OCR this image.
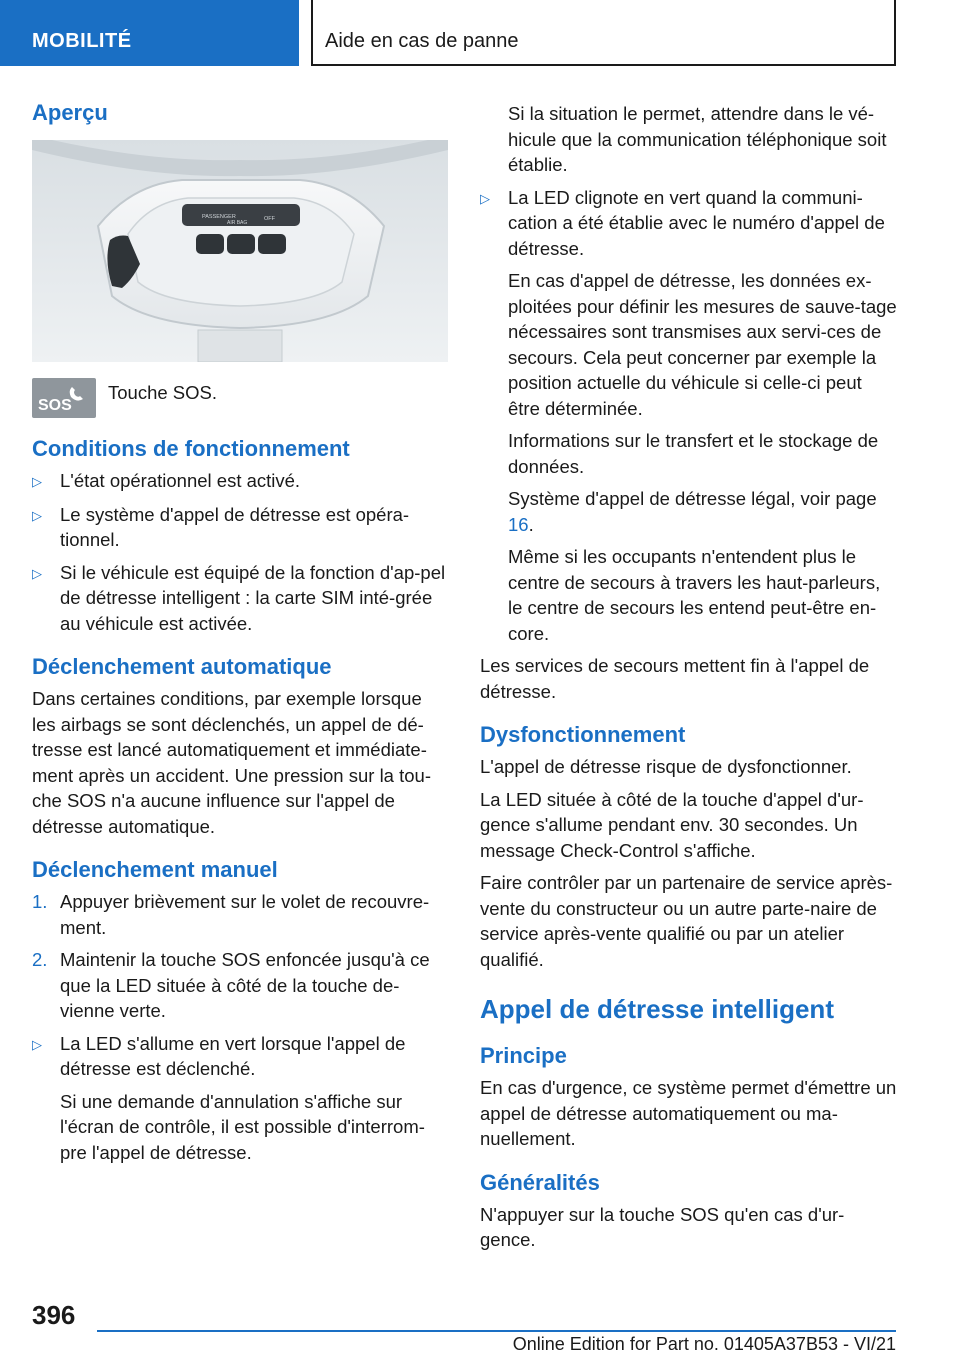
MOBILITÉ	Aide en cas de panne
Aperçu
PASSENGER
AIR BAG
OFF
SOS

Touche SOS.

Conditions de fonctionnement
▷ L'état opérationnel est activé.
▷ Le système d'appel de détresse est opéra-tionnel.
▷ Si le véhicule est équipé de la fonction d'ap-pel de détresse intelligent : la carte SIM inté-grée au véhicule est activée.
Déclenchement automatique

Dans certaines conditions, par exemple lorsque les airbags se sont déclenchés, un appel de dé-tresse est lancé automatiquement et immédiate-ment après un accident. Une pression sur la tou-che SOS n'a aucune influence sur l'appel de détresse automatique.

Déclenchement manuel
1. Appuyer brièvement sur le volet de recouvre-ment.
2. Maintenir la touche SOS enfoncée jusqu'à ce que la LED située à côté de la touche de-vienne verte.
▷ La LED s'allume en vert lorsque l'appel de détresse est déclenché.
Si une demande d'annulation s'affiche sur l'écran de contrôle, il est possible d'interrom-pre l'appel de détresse.
Si la situation le permet, attendre dans le vé-hicule que la communication téléphonique soit établie.
▷ La LED clignote en vert quand la communi-cation a été établie avec le numéro d'appel de détresse.
En cas d'appel de détresse, les données ex-ploitées pour définir les mesures de sauve-tage nécessaires sont transmises aux servi-ces de secours. Cela peut concerner par exemple la position actuelle du véhicule si celle-ci peut être déterminée.
Informations sur le transfert et le stockage de données.
Système d'appel de détresse légal, voir page 16.
Même si les occupants n'entendent plus le centre de secours à travers les haut-parleurs, le centre de secours les entend peut-être en-core.

Les services de secours mettent fin à l'appel de détresse.

Dysfonctionnement

L'appel de détresse risque de dysfonctionner.

La LED située à côté de la touche d'appel d'ur-gence s'allume pendant env. 30 secondes. Un message Check-Control s'affiche.

Faire contrôler par un partenaire de service après-vente du constructeur ou un autre parte-naire de service après-vente qualifié ou par un atelier qualifié.

Appel de détresse intelligent
Principe

En cas d'urgence, ce système permet d'émettre un appel de détresse automatiquement ou ma-nuellement.

Généralités

N'appuyer sur la touche SOS qu'en cas d'ur-gence.

396
Online Edition for Part no. 01405A37B53 - VI/21
